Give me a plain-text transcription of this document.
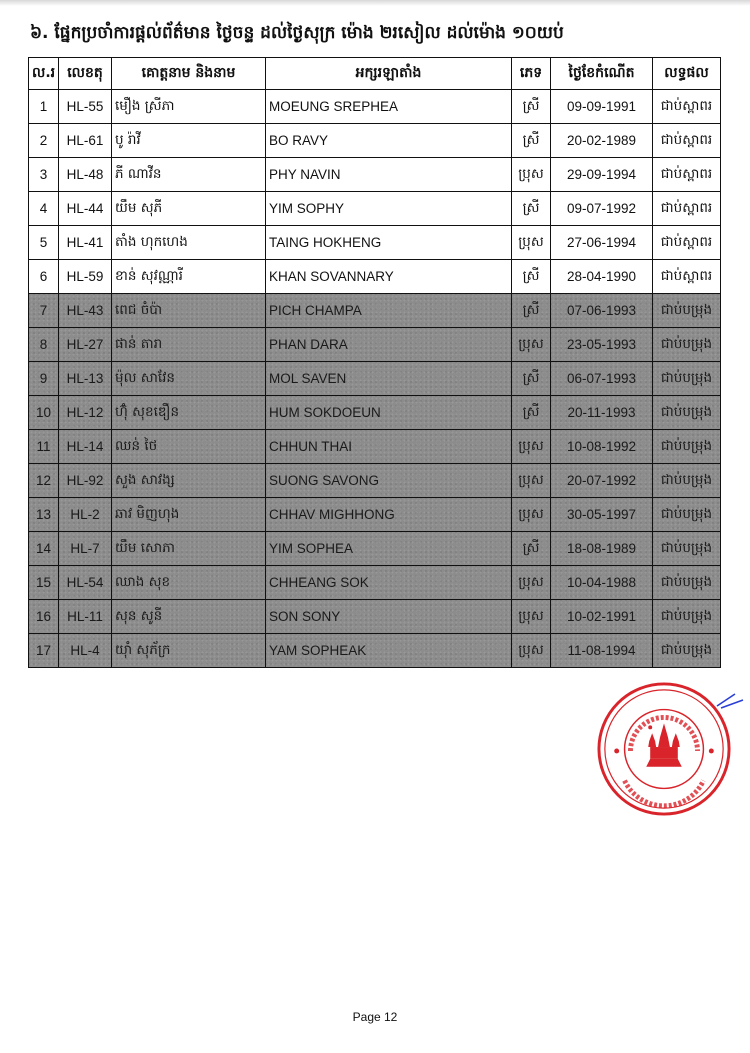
៦. ផ្នែកប្រចាំការផ្តល់ព័ត៌មាន ថ្ងៃចន្ទ ដល់ថ្ងៃសុក្រ ម៉ោង ២រសៀល ដល់ម៉ោង ១០យប់
ល.រ	លេខតុ	គោត្តនាម និងនាម	អក្សរឡាតាំង	ភេទ	ថ្ងៃខែកំណើត	លទ្ធផល
1	HL-55	មឿង ស្រីភា	MOEUNG SREPHEA	ស្រី	09-09-1991	ជាប់ស្ពាពរ
2	HL-61	បូ រ៉ាវី	BO RAVY	ស្រី	20-02-1989	ជាប់ស្ពាពរ
3	HL-48	ភី ណាវីន	PHY NAVIN	ប្រុស	29-09-1994	ជាប់ស្ពាពរ
4	HL-44	យឹម សុភី	YIM SOPHY	ស្រី	09-07-1992	ជាប់ស្ពាពរ
5	HL-41	តាំង ហុកហេង	TAING HOKHENG	ប្រុស	27-06-1994	ជាប់ស្ពាពរ
6	HL-59	ខាន់ សុវណ្ណារី	KHAN SOVANNARY	ស្រី	28-04-1990	ជាប់ស្ពាពរ
7	HL-43	ពេជ ចំប៉ា	PICH CHAMPA	ស្រី	07-06-1993	ជាប់បម្រុង
8	HL-27	ផាន់ តារា	PHAN DARA	ប្រុស	23-05-1993	ជាប់បម្រុង
9	HL-13	ម៉ុល សាវែន	MOL SAVEN	ស្រី	06-07-1993	ជាប់បម្រុង
10	HL-12	ហ៊ុំ សុខឌឿន	HUM SOKDOEUN	ស្រី	20-11-1993	ជាប់បម្រុង
11	HL-14	ឈន់ ថៃ	CHHUN THAI	ប្រុស	10-08-1992	ជាប់បម្រុង
12	HL-92	សួង សាវង្ស	SUONG SAVONG	ប្រុស	20-07-1992	ជាប់បម្រុង
13	HL-2	ឆាវ មិញហុង	CHHAV MIGHHONG	ប្រុស	30-05-1997	ជាប់បម្រុង
14	HL-7	យឹម សោភា	YIM SOPHEA	ស្រី	18-08-1989	ជាប់បម្រុង
15	HL-54	ឈាង សុខ	CHHEANG SOK	ប្រុស	10-04-1988	ជាប់បម្រុង
16	HL-11	សុន សូនី	SON SONY	ប្រុស	10-02-1991	ជាប់បម្រុង
17	HL-4	យ៉ាំ សុភ័ក្រ	YAM SOPHEAK	ប្រុស	11-08-1994	ជាប់បម្រុង
Page 12
